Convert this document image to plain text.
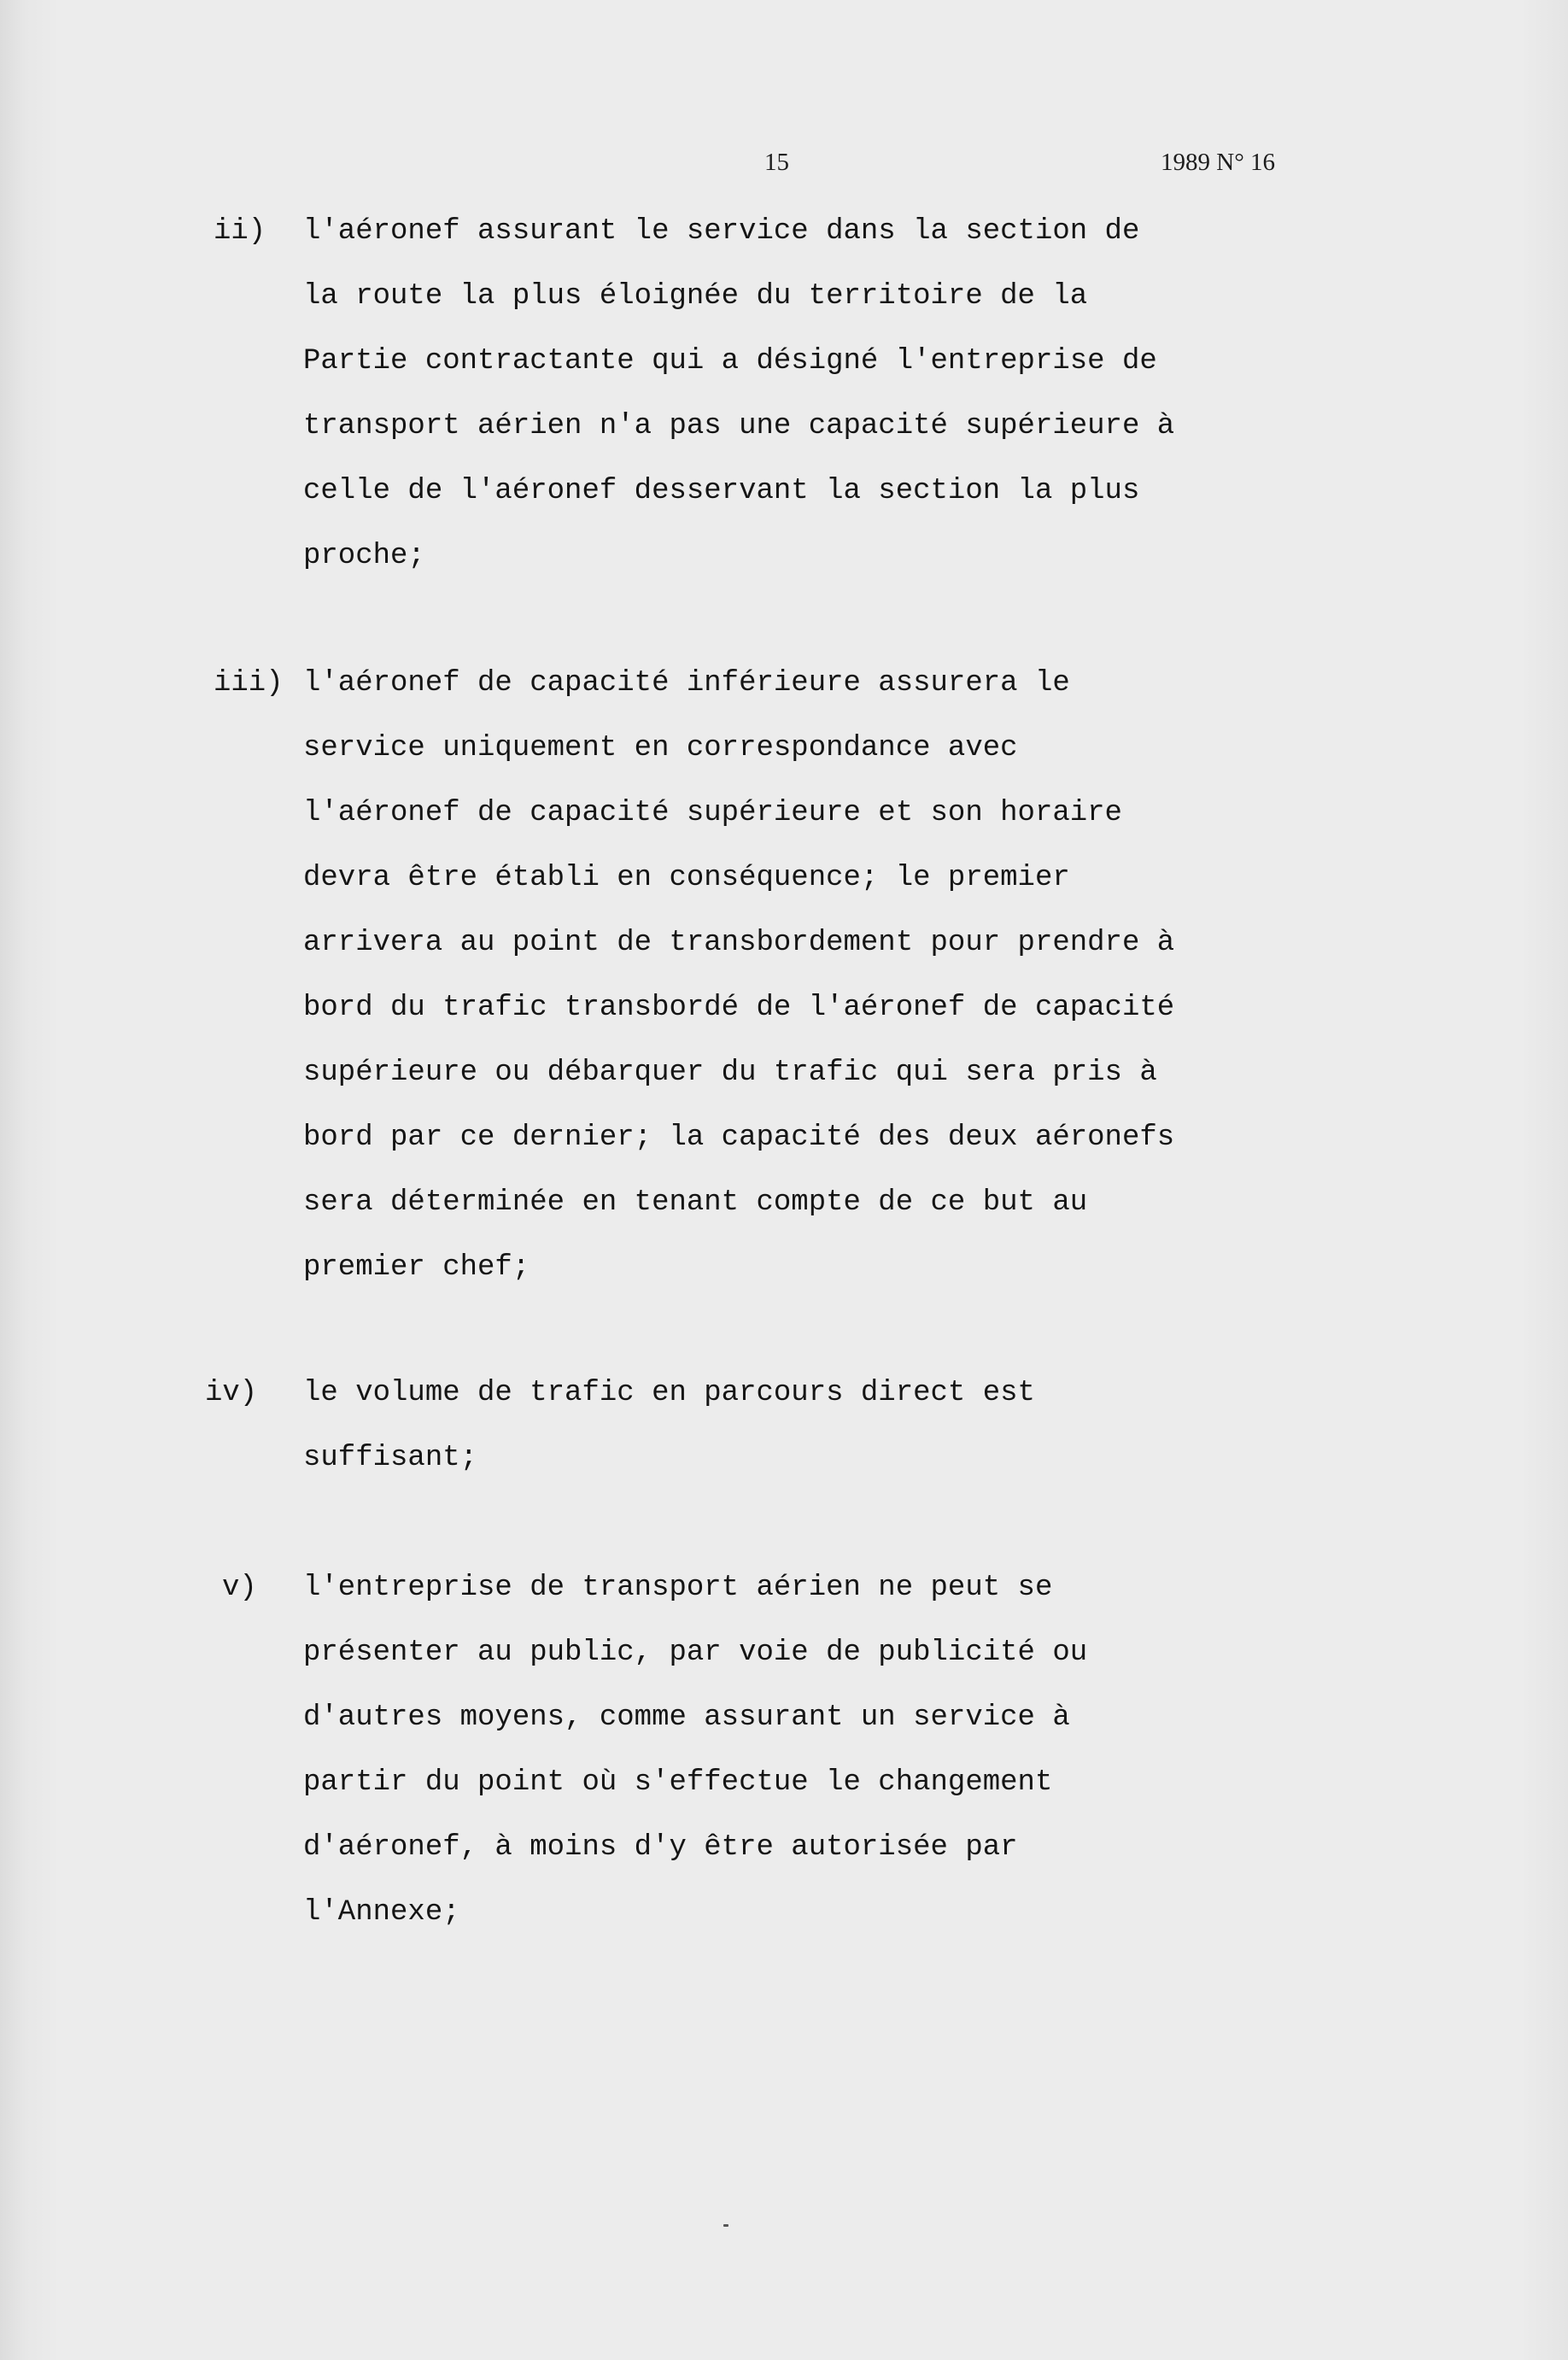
15	1989 N° 16
ii) l'aéronef assurant le service dans la section de
la route la plus éloignée du territoire de la
Partie contractante qui a désigné l'entreprise de
transport aérien n'a pas une capacité supérieure à
celle de l'aéronef desservant la section la plus
proche;
iii) l'aéronef de capacité inférieure assurera le
service uniquement en correspondance avec
l'aéronef de capacité supérieure et son horaire
devra être établi en conséquence; le premier
arrivera au point de transbordement pour prendre à
bord du trafic transbordé de l'aéronef de capacité
supérieure ou débarquer du trafic qui sera pris à
bord par ce dernier; la capacité des deux aéronefs
sera déterminée en tenant compte de ce but au
premier chef;
iv) le volume de trafic en parcours direct est
suffisant;
v) l'entreprise de transport aérien ne peut se
présenter au public, par voie de publicité ou
d'autres moyens, comme assurant un service à
partir du point où s'effectue le changement
d'aéronef, à moins d'y être autorisée par
l'Annexe;
